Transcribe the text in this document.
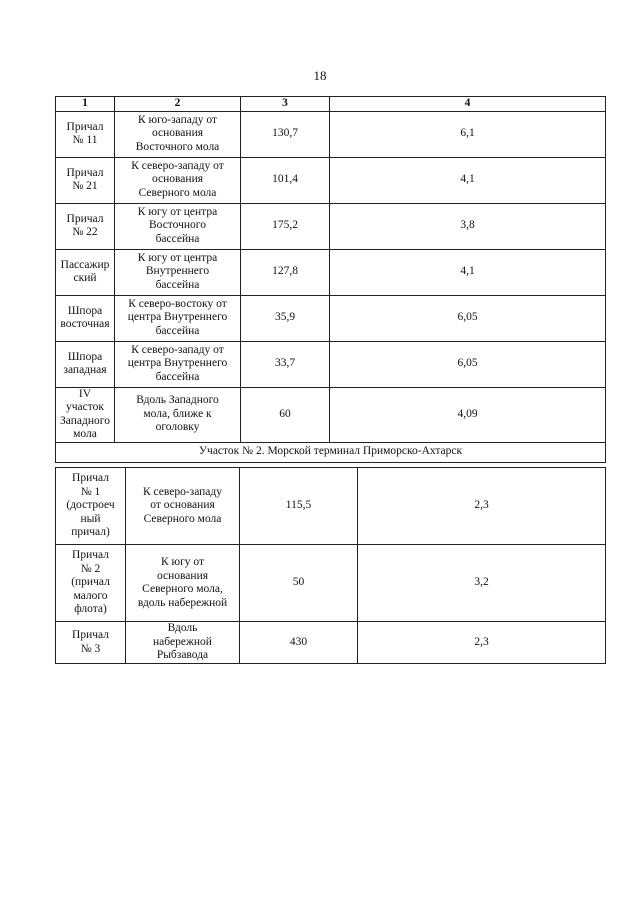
18
1	2	3	4

Причал
№ 11	К юго-западу от
основания
Восточного мола	130,7	6,1

Причал
№ 21	К северо-западу от
основания
Северного мола	101,4	4,1

Причал
№ 22	К югу от центра
Восточного
бассейна	175,2	3,8

Пассажир
ский	К югу от центра
Внутреннего
бассейна	127,8	4,1

Шпора
восточная	К северо-востоку от
центра Внутреннего
бассейна	35,9	6,05

Шпора
западная	К северо-западу от
центра Внутреннего
бассейна	33,7	6,05

IV
участок
Западного
мола	Вдоль Западного
мола, ближе к
оголовку	60	4,09
Участок № 2. Морской терминал Приморско-Ахтарск			
Причал
№ 1
(достроеч
ный
причал)	К северо-западу
от основания
Северного мола	115,5	2,3

Причал
№ 2
(причал
малого
флота)	К югу от
основания
Северного мола,
вдоль набережной	50	3,2

Причал
№ 3	Вдоль
набережной
Рыбзавода	430	2,3
